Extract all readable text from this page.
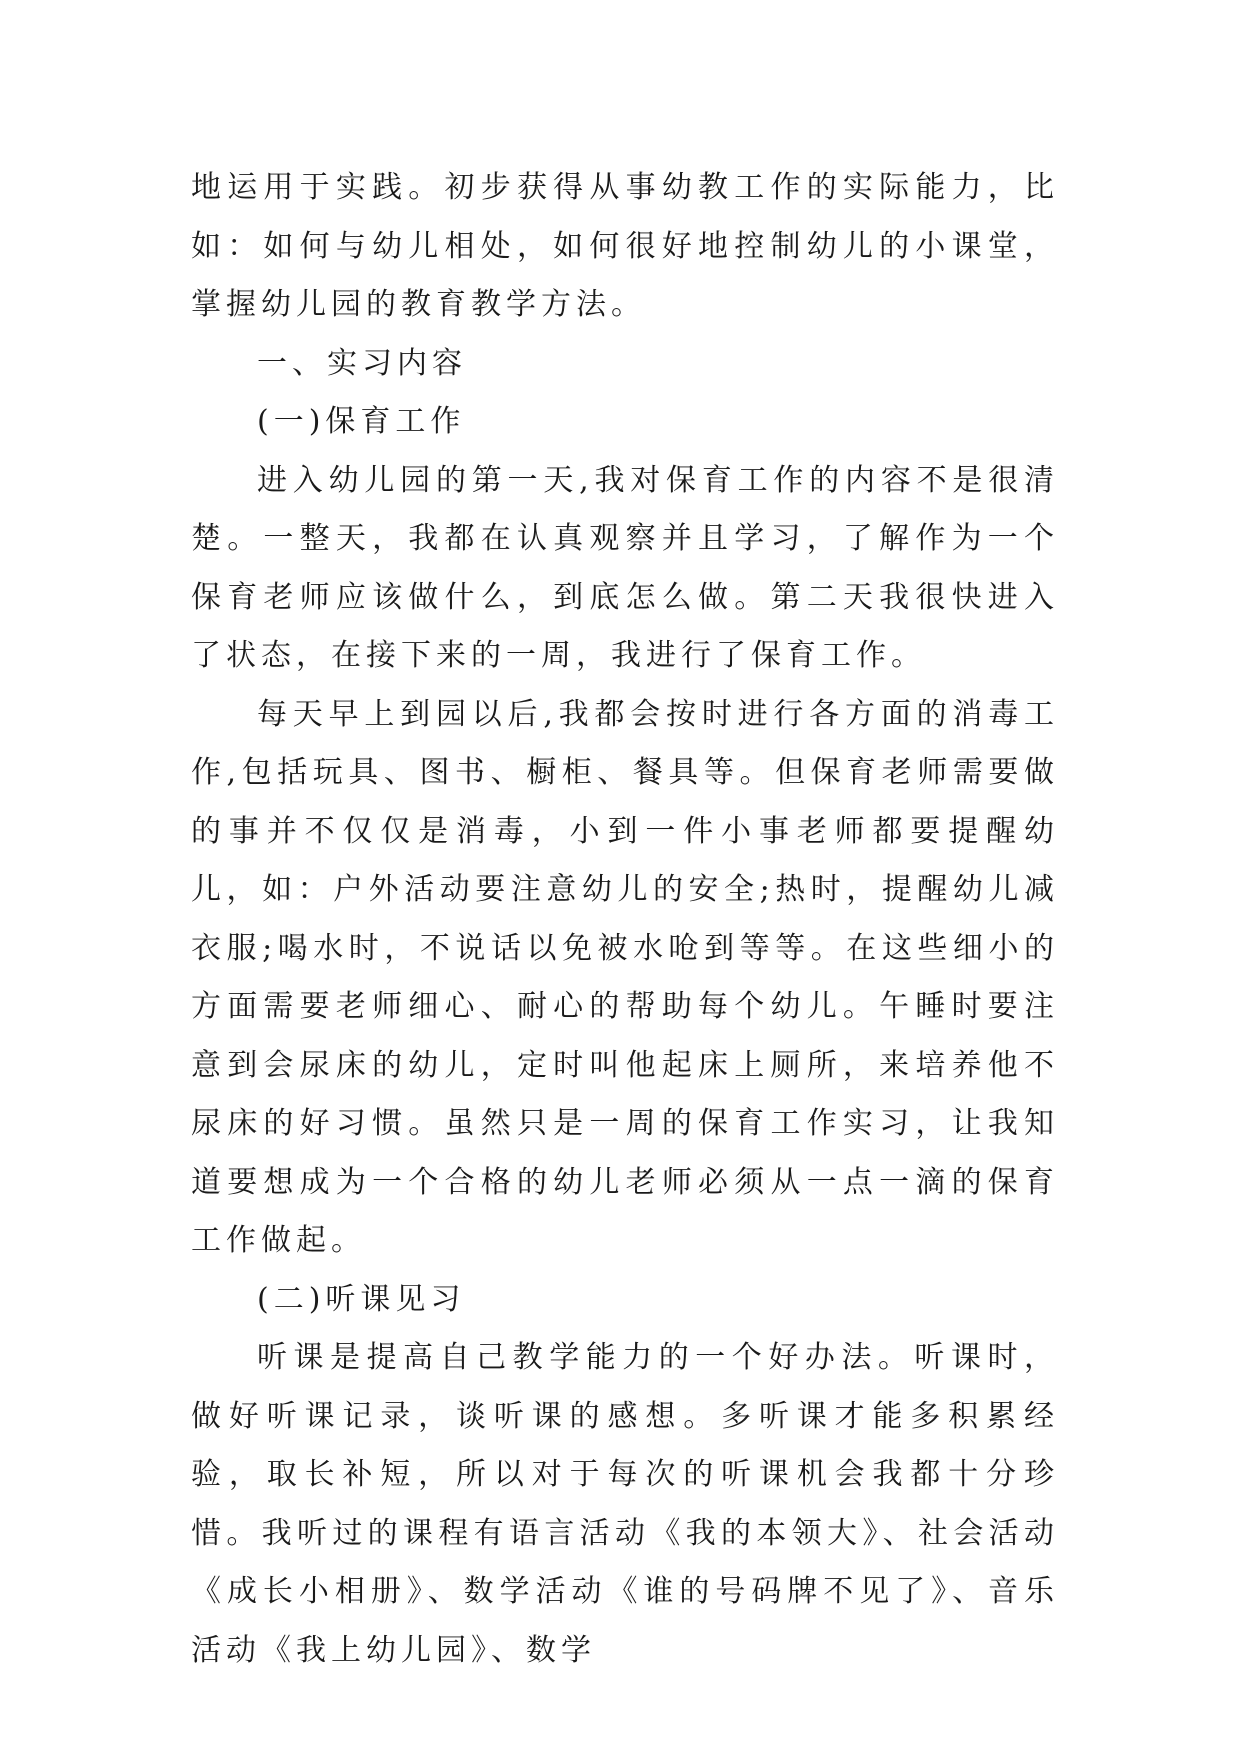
地运用于实践。初步获得从事幼教工作的实际能力，比如：如何与幼儿相处，如何很好地控制幼儿的小课堂，掌握幼儿园的教育教学方法。

一、实习内容

(一)保育工作

进入幼儿园的第一天,我对保育工作的内容不是很清楚。一整天，我都在认真观察并且学习，了解作为一个保育老师应该做什么，到底怎么做。第二天我很快进入了状态，在接下来的一周，我进行了保育工作。

每天早上到园以后,我都会按时进行各方面的消毒工作,包括玩具、图书、橱柜、餐具等。但保育老师需要做的事并不仅仅是消毒，小到一件小事老师都要提醒幼儿，如：户外活动要注意幼儿的安全;热时，提醒幼儿减衣服;喝水时，不说话以免被水呛到等等。在这些细小的方面需要老师细心、耐心的帮助每个幼儿。午睡时要注意到会尿床的幼儿，定时叫他起床上厕所，来培养他不尿床的好习惯。虽然只是一周的保育工作实习，让我知道要想成为一个合格的幼儿老师必须从一点一滴的保育工作做起。

(二)听课见习

听课是提高自己教学能力的一个好办法。听课时，做好听课记录，谈听课的感想。多听课才能多积累经验，取长补短，所以对于每次的听课机会我都十分珍惜。我听过的课程有语言活动《我的本领大》、社会活动《成长小相册》、数学活动《谁的号码牌不见了》、音乐活动《我上幼儿园》、数学
